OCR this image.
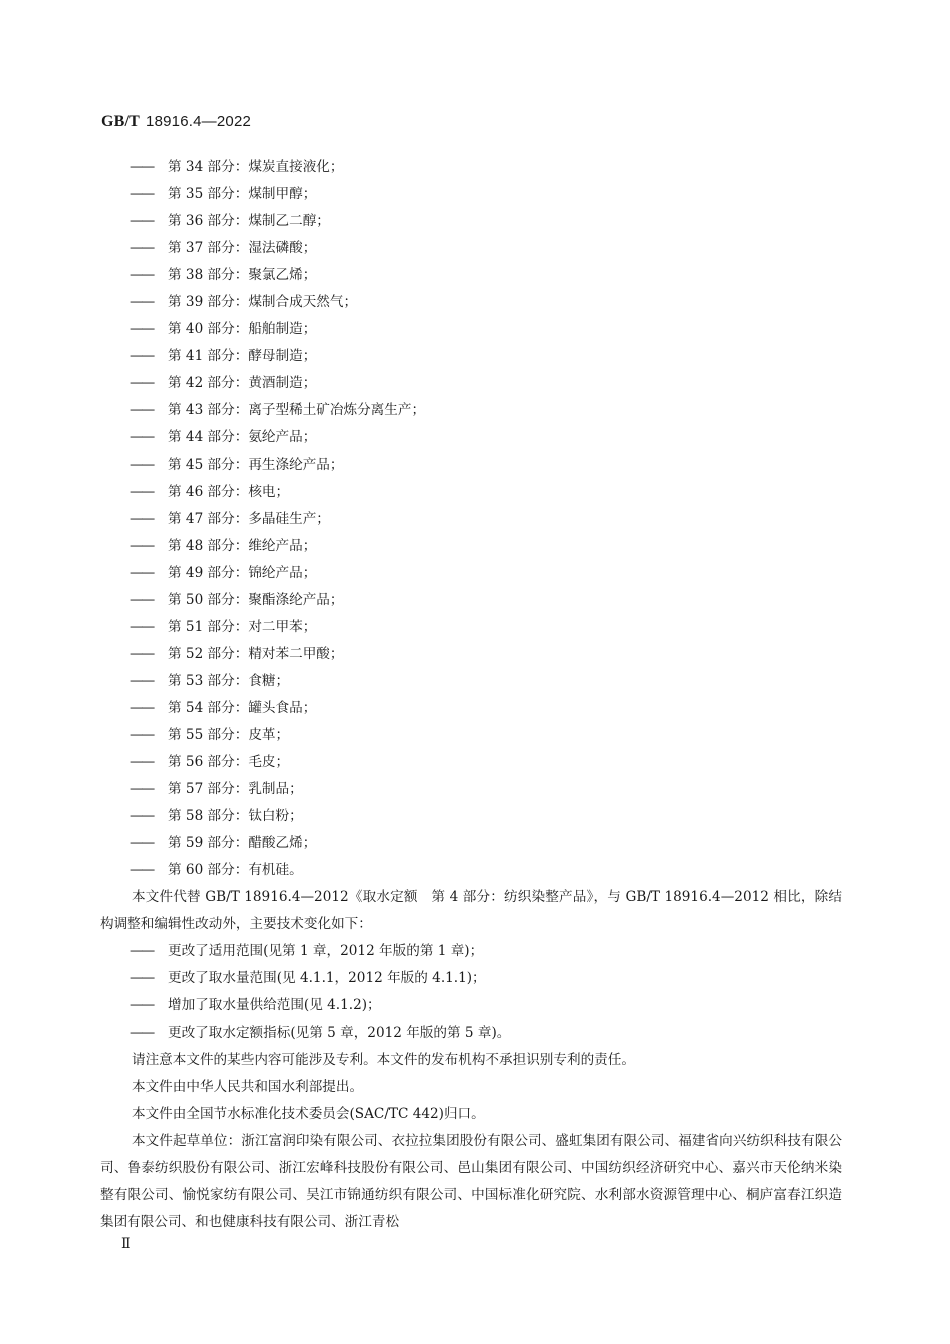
GB/T 18916.4—2022
—— 第 34 部分：煤炭直接液化；
—— 第 35 部分：煤制甲醇；
—— 第 36 部分：煤制乙二醇；
—— 第 37 部分：湿法磷酸；
—— 第 38 部分：聚氯乙烯；
—— 第 39 部分：煤制合成天然气；
—— 第 40 部分：船舶制造；
—— 第 41 部分：酵母制造；
—— 第 42 部分：黄酒制造；
—— 第 43 部分：离子型稀土矿冶炼分离生产；
—— 第 44 部分：氨纶产品；
—— 第 45 部分：再生涤纶产品；
—— 第 46 部分：核电；
—— 第 47 部分：多晶硅生产；
—— 第 48 部分：维纶产品；
—— 第 49 部分：锦纶产品；
—— 第 50 部分：聚酯涤纶产品；
—— 第 51 部分：对二甲苯；
—— 第 52 部分：精对苯二甲酸；
—— 第 53 部分：食糖；
—— 第 54 部分：罐头食品；
—— 第 55 部分：皮革；
—— 第 56 部分：毛皮；
—— 第 57 部分：乳制品；
—— 第 58 部分：钛白粉；
—— 第 59 部分：醋酸乙烯；
—— 第 60 部分：有机硅。
本文件代替 GB/T 18916.4—2012《取水定额　第 4 部分：纺织染整产品》，与 GB/T 18916.4—2012 相比，除结构调整和编辑性改动外，主要技术变化如下：
—— 更改了适用范围(见第 1 章，2012 年版的第 1 章)；
—— 更改了取水量范围(见 4.1.1，2012 年版的 4.1.1)；
—— 增加了取水量供给范围(见 4.1.2)；
—— 更改了取水定额指标(见第 5 章，2012 年版的第 5 章)。
请注意本文件的某些内容可能涉及专利。本文件的发布机构不承担识别专利的责任。
本文件由中华人民共和国水利部提出。
本文件由全国节水标准化技术委员会(SAC/TC 442)归口。
本文件起草单位：浙江富润印染有限公司、衣拉拉集团股份有限公司、盛虹集团有限公司、福建省向兴纺织科技有限公司、鲁泰纺织股份有限公司、浙江宏峰科技股份有限公司、邑山集团有限公司、中国纺织经济研究中心、嘉兴市天伦纳米染整有限公司、愉悦家纺有限公司、吴江市锦通纺织有限公司、中国标准化研究院、水利部水资源管理中心、桐庐富春江织造集团有限公司、和也健康科技有限公司、浙江青松
Ⅱ
